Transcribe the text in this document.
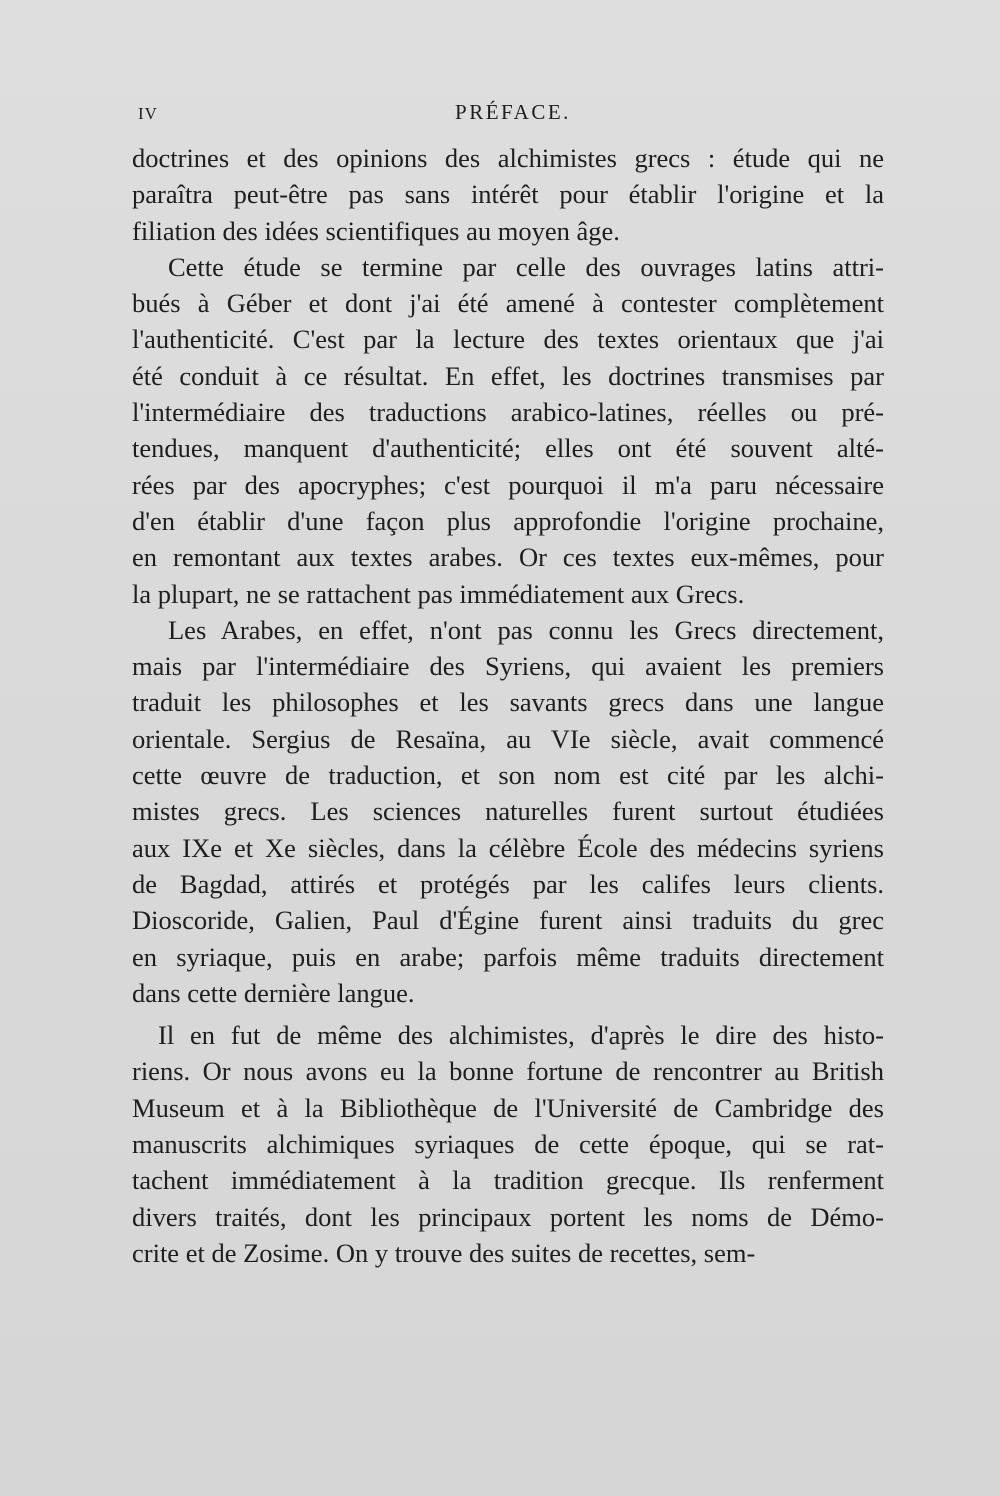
IV	PRÉFACE.
doctrines et des opinions des alchimistes grecs : étude qui ne
paraîtra peut-être pas sans intérêt pour établir l'origine et la
filiation des idées scientifiques au moyen âge.
Cette étude se termine par celle des ouvrages latins attri-
bués à Géber et dont j'ai été amené à contester complètement
l'authenticité. C'est par la lecture des textes orientaux que j'ai
été conduit à ce résultat. En effet, les doctrines transmises par
l'intermédiaire des traductions arabico-latines, réelles ou pré-
tendues, manquent d'authenticité; elles ont été souvent alté-
rées par des apocryphes; c'est pourquoi il m'a paru nécessaire
d'en établir d'une façon plus approfondie l'origine prochaine,
en remontant aux textes arabes. Or ces textes eux-mêmes, pour
la plupart, ne se rattachent pas immédiatement aux Grecs.
Les Arabes, en effet, n'ont pas connu les Grecs directement,
mais par l'intermédiaire des Syriens, qui avaient les premiers
traduit les philosophes et les savants grecs dans une langue
orientale. Sergius de Resaïna, au VIe siècle, avait commencé
cette œuvre de traduction, et son nom est cité par les alchi-
mistes grecs. Les sciences naturelles furent surtout étudiées
aux IXe et Xe siècles, dans la célèbre École des médecins syriens
de Bagdad, attirés et protégés par les califes leurs clients.
Dioscoride, Galien, Paul d'Égine furent ainsi traduits du grec
en syriaque, puis en arabe; parfois même traduits directement
dans cette dernière langue.
Il en fut de même des alchimistes, d'après le dire des histo-
riens. Or nous avons eu la bonne fortune de rencontrer au British
Museum et à la Bibliothèque de l'Université de Cambridge des
manuscrits alchimiques syriaques de cette époque, qui se rat-
tachent immédiatement à la tradition grecque. Ils renferment
divers traités, dont les principaux portent les noms de Démo-
crite et de Zosime. On y trouve des suites de recettes, sem-
